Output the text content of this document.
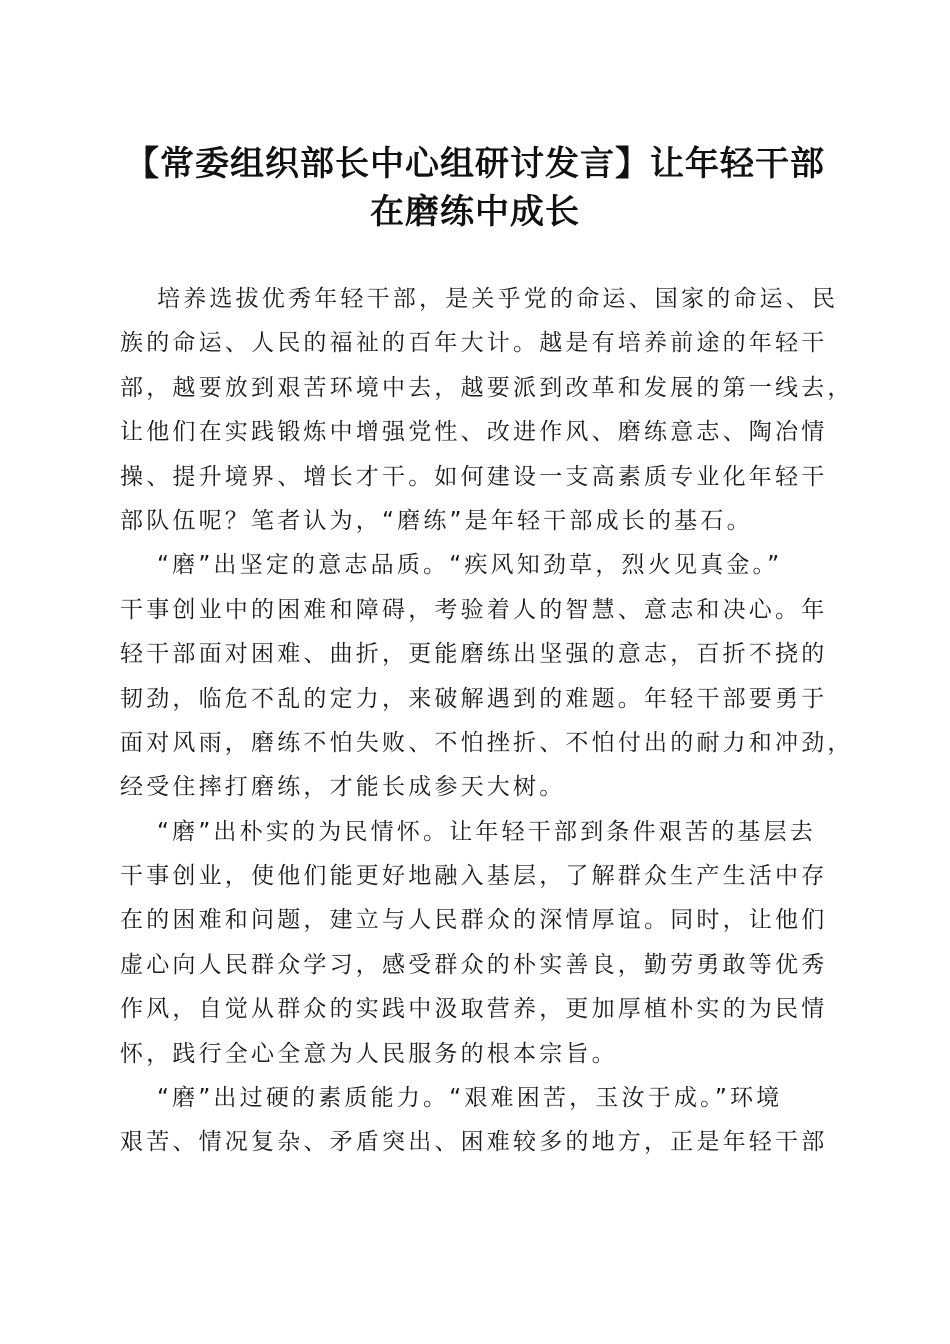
【常委组织部长中心组研讨发言】让年轻干部
在磨练中成长
培养选拔优秀年轻干部，是关乎党的命运、国家的命运、民
族的命运、人民的福祉的百年大计。越是有培养前途的年轻干
部，越要放到艰苦环境中去，越要派到改革和发展的第一线去，
让他们在实践锻炼中增强党性、改进作风、磨练意志、陶冶情
操、提升境界、增长才干。如何建设一支高素质专业化年轻干
部队伍呢？笔者认为，“磨练”是年轻干部成长的基石。
“磨”出坚定的意志品质。“疾风知劲草，烈火见真金。”
干事创业中的困难和障碍，考验着人的智慧、意志和决心。年
轻干部面对困难、曲折，更能磨练出坚强的意志，百折不挠的
韧劲，临危不乱的定力，来破解遇到的难题。年轻干部要勇于
面对风雨，磨练不怕失败、不怕挫折、不怕付出的耐力和冲劲，
经受住摔打磨练，才能长成参天大树。
“磨”出朴实的为民情怀。让年轻干部到条件艰苦的基层去
干事创业，使他们能更好地融入基层，了解群众生产生活中存
在的困难和问题，建立与人民群众的深情厚谊。同时，让他们
虚心向人民群众学习，感受群众的朴实善良，勤劳勇敢等优秀
作风，自觉从群众的实践中汲取营养，更加厚植朴实的为民情
怀，践行全心全意为人民服务的根本宗旨。
“磨”出过硬的素质能力。“艰难困苦，玉汝于成。”环境
艰苦、情况复杂、矛盾突出、困难较多的地方，正是年轻干部
